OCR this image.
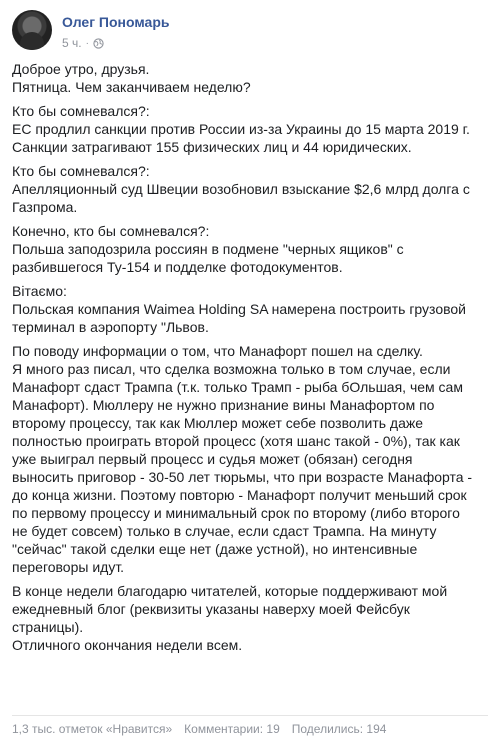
Олег Пономарь
5 ч. ·

Доброе утро, друзья.
Пятница. Чем заканчиваем неделю?

Кто бы сомневался?:
ЕС продлил санкции против России из-за Украины до 15 марта 2019 г.
Санкции затрагивают 155 физических лиц и 44 юридических.

Кто бы сомневался?:
Апелляционный суд Швеции возобновил взыскание $2,6 млрд долга с
Газпрома.

Конечно, кто бы сомневался?:
Польша заподозрила россиян в подмене "черных ящиков" с
разбившегося Ту-154 и подделке фотодокументов.

Вітаємо:
Польская компания Waimea Holding SA намерена построить грузовой
терминал в аэропорту "Львов.

По поводу информации о том, что Манафорт пошел на сделку.
Я много раз писал, что сделка возможна только в том случае, если
Манафорт сдаст Трампа (т.к. только Трамп - рыба бОльшая, чем сам
Манафорт). Мюллеру не нужно признание вины Манафортом по
второму процессу, так как Мюллер может себе позволить даже
полностью проиграть второй процесс (хотя шанс такой - 0%), так как
уже выиграл первый процесс и судья может (обязан) сегодня
выносить приговор - 30-50 лет тюрьмы, что при возрасте Манафорта -
до конца жизни. Поэтому повторю - Манафорт получит меньший срок
по первому процессу и минимальный срок по второму (либо второго
не будет совсем) только в случае, если сдаст Трампа. На минуту
"сейчас" такой сделки еще нет (даже устной), но интенсивные
переговоры идут.

В конце недели благодарю читателей, которые поддерживают мой
ежедневный блог (реквизиты указаны наверху моей Фейсбук
страницы).
Отличного окончания недели всем.

1,3 тыс. отметок «Нравится» Комментарии: 19 Поделились: 194
